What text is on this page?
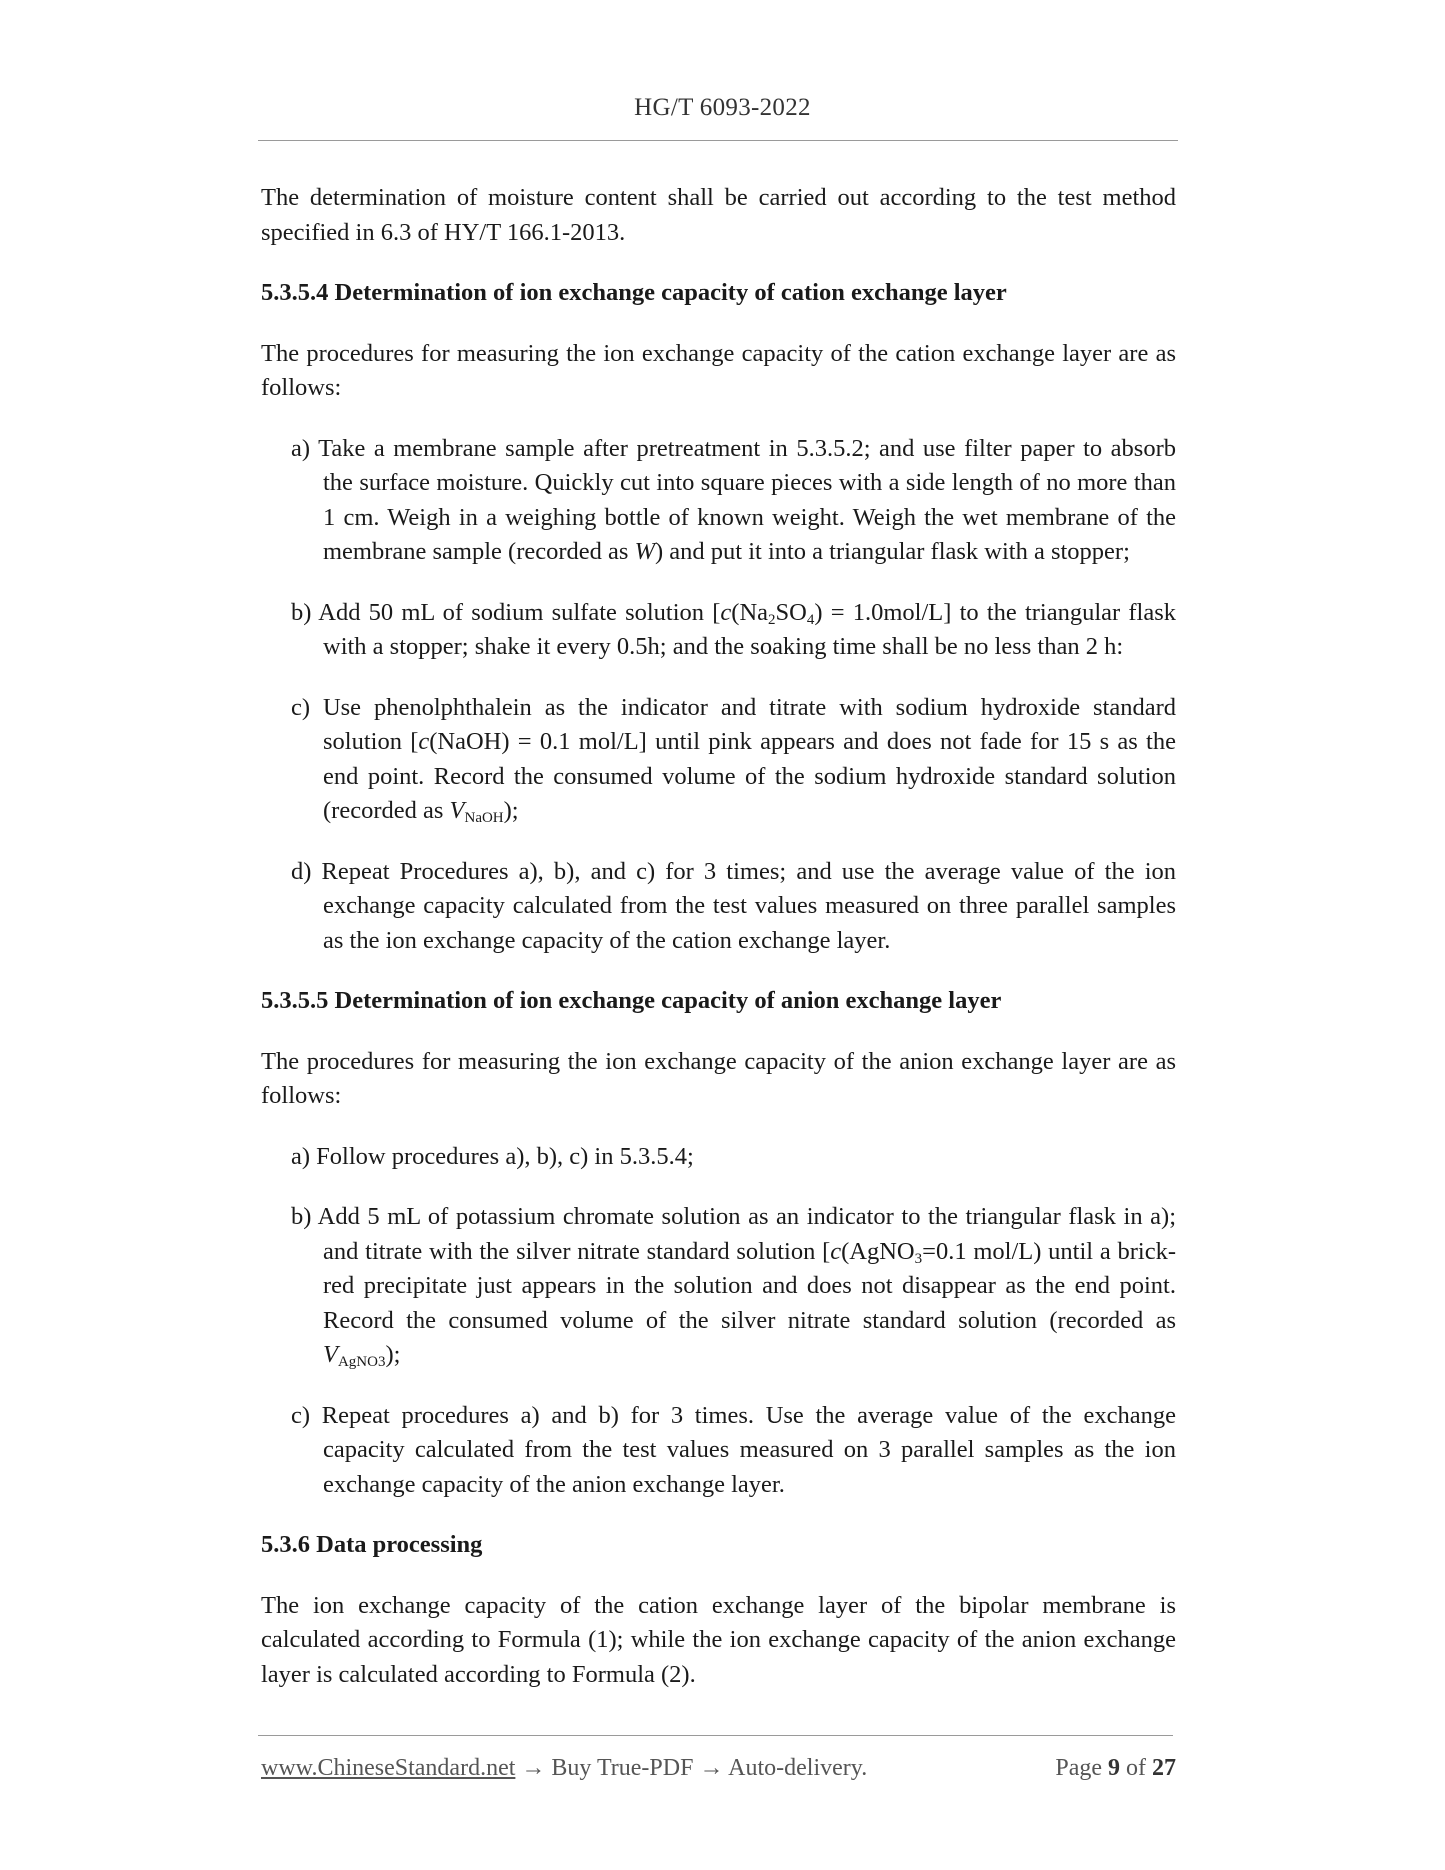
HG/T 6093-2022

The determination of moisture content shall be carried out according to the test method specified in 6.3 of HY/T 166.1-2013.

5.3.5.4 Determination of ion exchange capacity of cation exchange layer

The procedures for measuring the ion exchange capacity of the cation exchange layer are as follows:

a) Take a membrane sample after pretreatment in 5.3.5.2; and use filter paper to absorb the surface moisture. Quickly cut into square pieces with a side length of no more than 1 cm. Weigh in a weighing bottle of known weight. Weigh the wet membrane of the membrane sample (recorded as W) and put it into a triangular flask with a stopper;

b) Add 50 mL of sodium sulfate solution $[c(Na_2SO_4) = 1.0mol/L]$ to the triangular flask with a stopper; shake it every 0.5h; and the soaking time shall be no less than 2 h:

c) Use phenolphthalein as the indicator and titrate with sodium hydroxide standard solution [c(NaOH) = 0.1 mol/L] until pink appears and does not fade for 15 s as the end point. Record the consumed volume of the sodium hydroxide standard solution (recorded as $V_{NaOH}$);

d) Repeat Procedures a), b), and c) for 3 times; and use the average value of the ion exchange capacity calculated from the test values measured on three parallel samples as the ion exchange capacity of the cation exchange layer.

5.3.5.5 Determination of ion exchange capacity of anion exchange layer

The procedures for measuring the ion exchange capacity of the anion exchange layer are as follows:

a) Follow procedures a), b), c) in 5.3.5.4;

b) Add 5 mL of potassium chromate solution as an indicator to the triangular flask in a); and titrate with the silver nitrate standard solution [c(AgNO$_3$=0.1 mol/L) until a brick-red precipitate just appears in the solution and does not disappear as the end point. Record the consumed volume of the silver nitrate standard solution (recorded as $V_{AgNO3}$);

c) Repeat procedures a) and b) for 3 times. Use the average value of the exchange capacity calculated from the test values measured on 3 parallel samples as the ion exchange capacity of the anion exchange layer.

5.3.6 Data processing

The ion exchange capacity of the cation exchange layer of the bipolar membrane is calculated according to Formula (1); while the ion exchange capacity of the anion exchange layer is calculated according to Formula (2).

www.ChineseStandard.net → Buy True-PDF → Auto-delivery.	Page 9 of 27
